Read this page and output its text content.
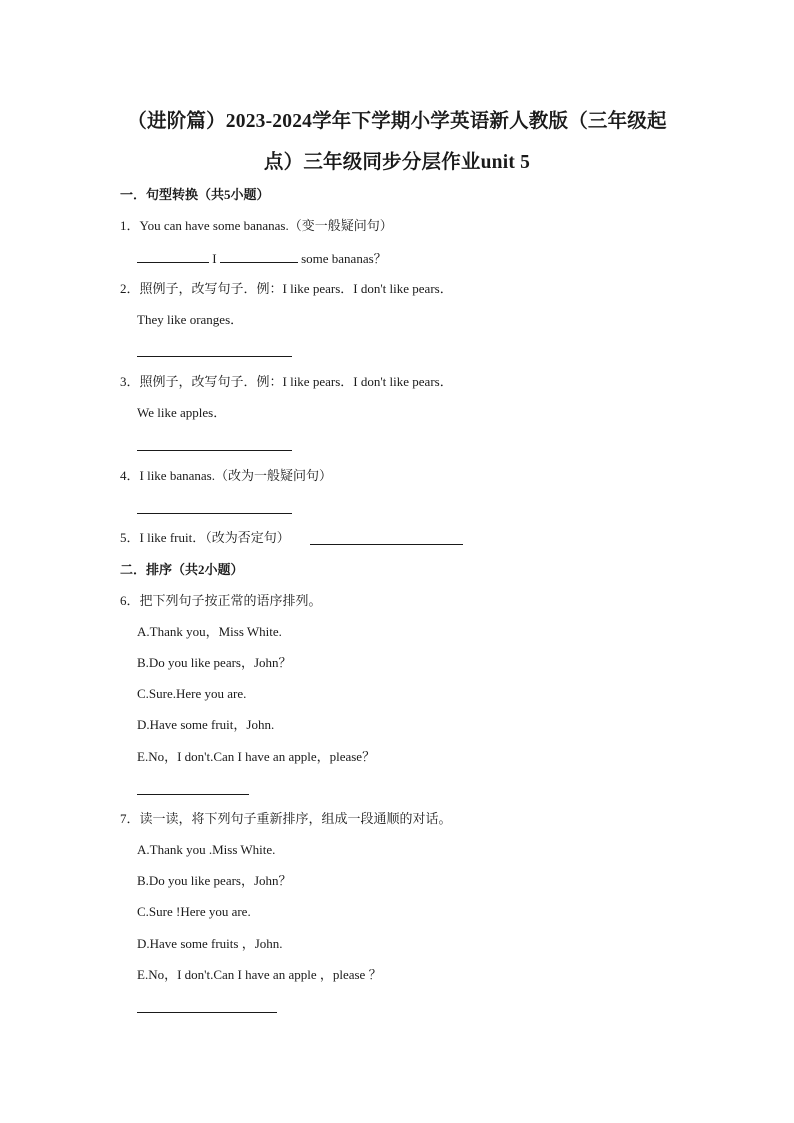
（进阶篇）2023-2024学年下学期小学英语新人教版（三年级起
点）三年级同步分层作业unit 5
一．句型转换（共5小题）
1．You can have some bananas.（变一般疑问句）
I	some bananas？
2．照例子，改写句子．例：I like pears．I don't like pears．
They like oranges．
3．照例子，改写句子．例：I like pears．I don't like pears．
We like apples．
4．I like bananas.（改为一般疑问句）
5．I like fruit．（改为否定句）
二．排序（共2小题）
6．把下列句子按正常的语序排列。
A.Thank you，Miss White.
B.Do you like pears，John？
C.Sure.Here you are.
D.Have some fruit，John.
E.No，I don't.Can I have an apple，please？
7．读一读，将下列句子重新排序，组成一段通顺的对话。
A.Thank you .Miss White.
B.Do you like pears，John？
C.Sure !Here you are.
D.Have some fruits ，John.
E.No，I don't.Can I have an apple ，please ？
